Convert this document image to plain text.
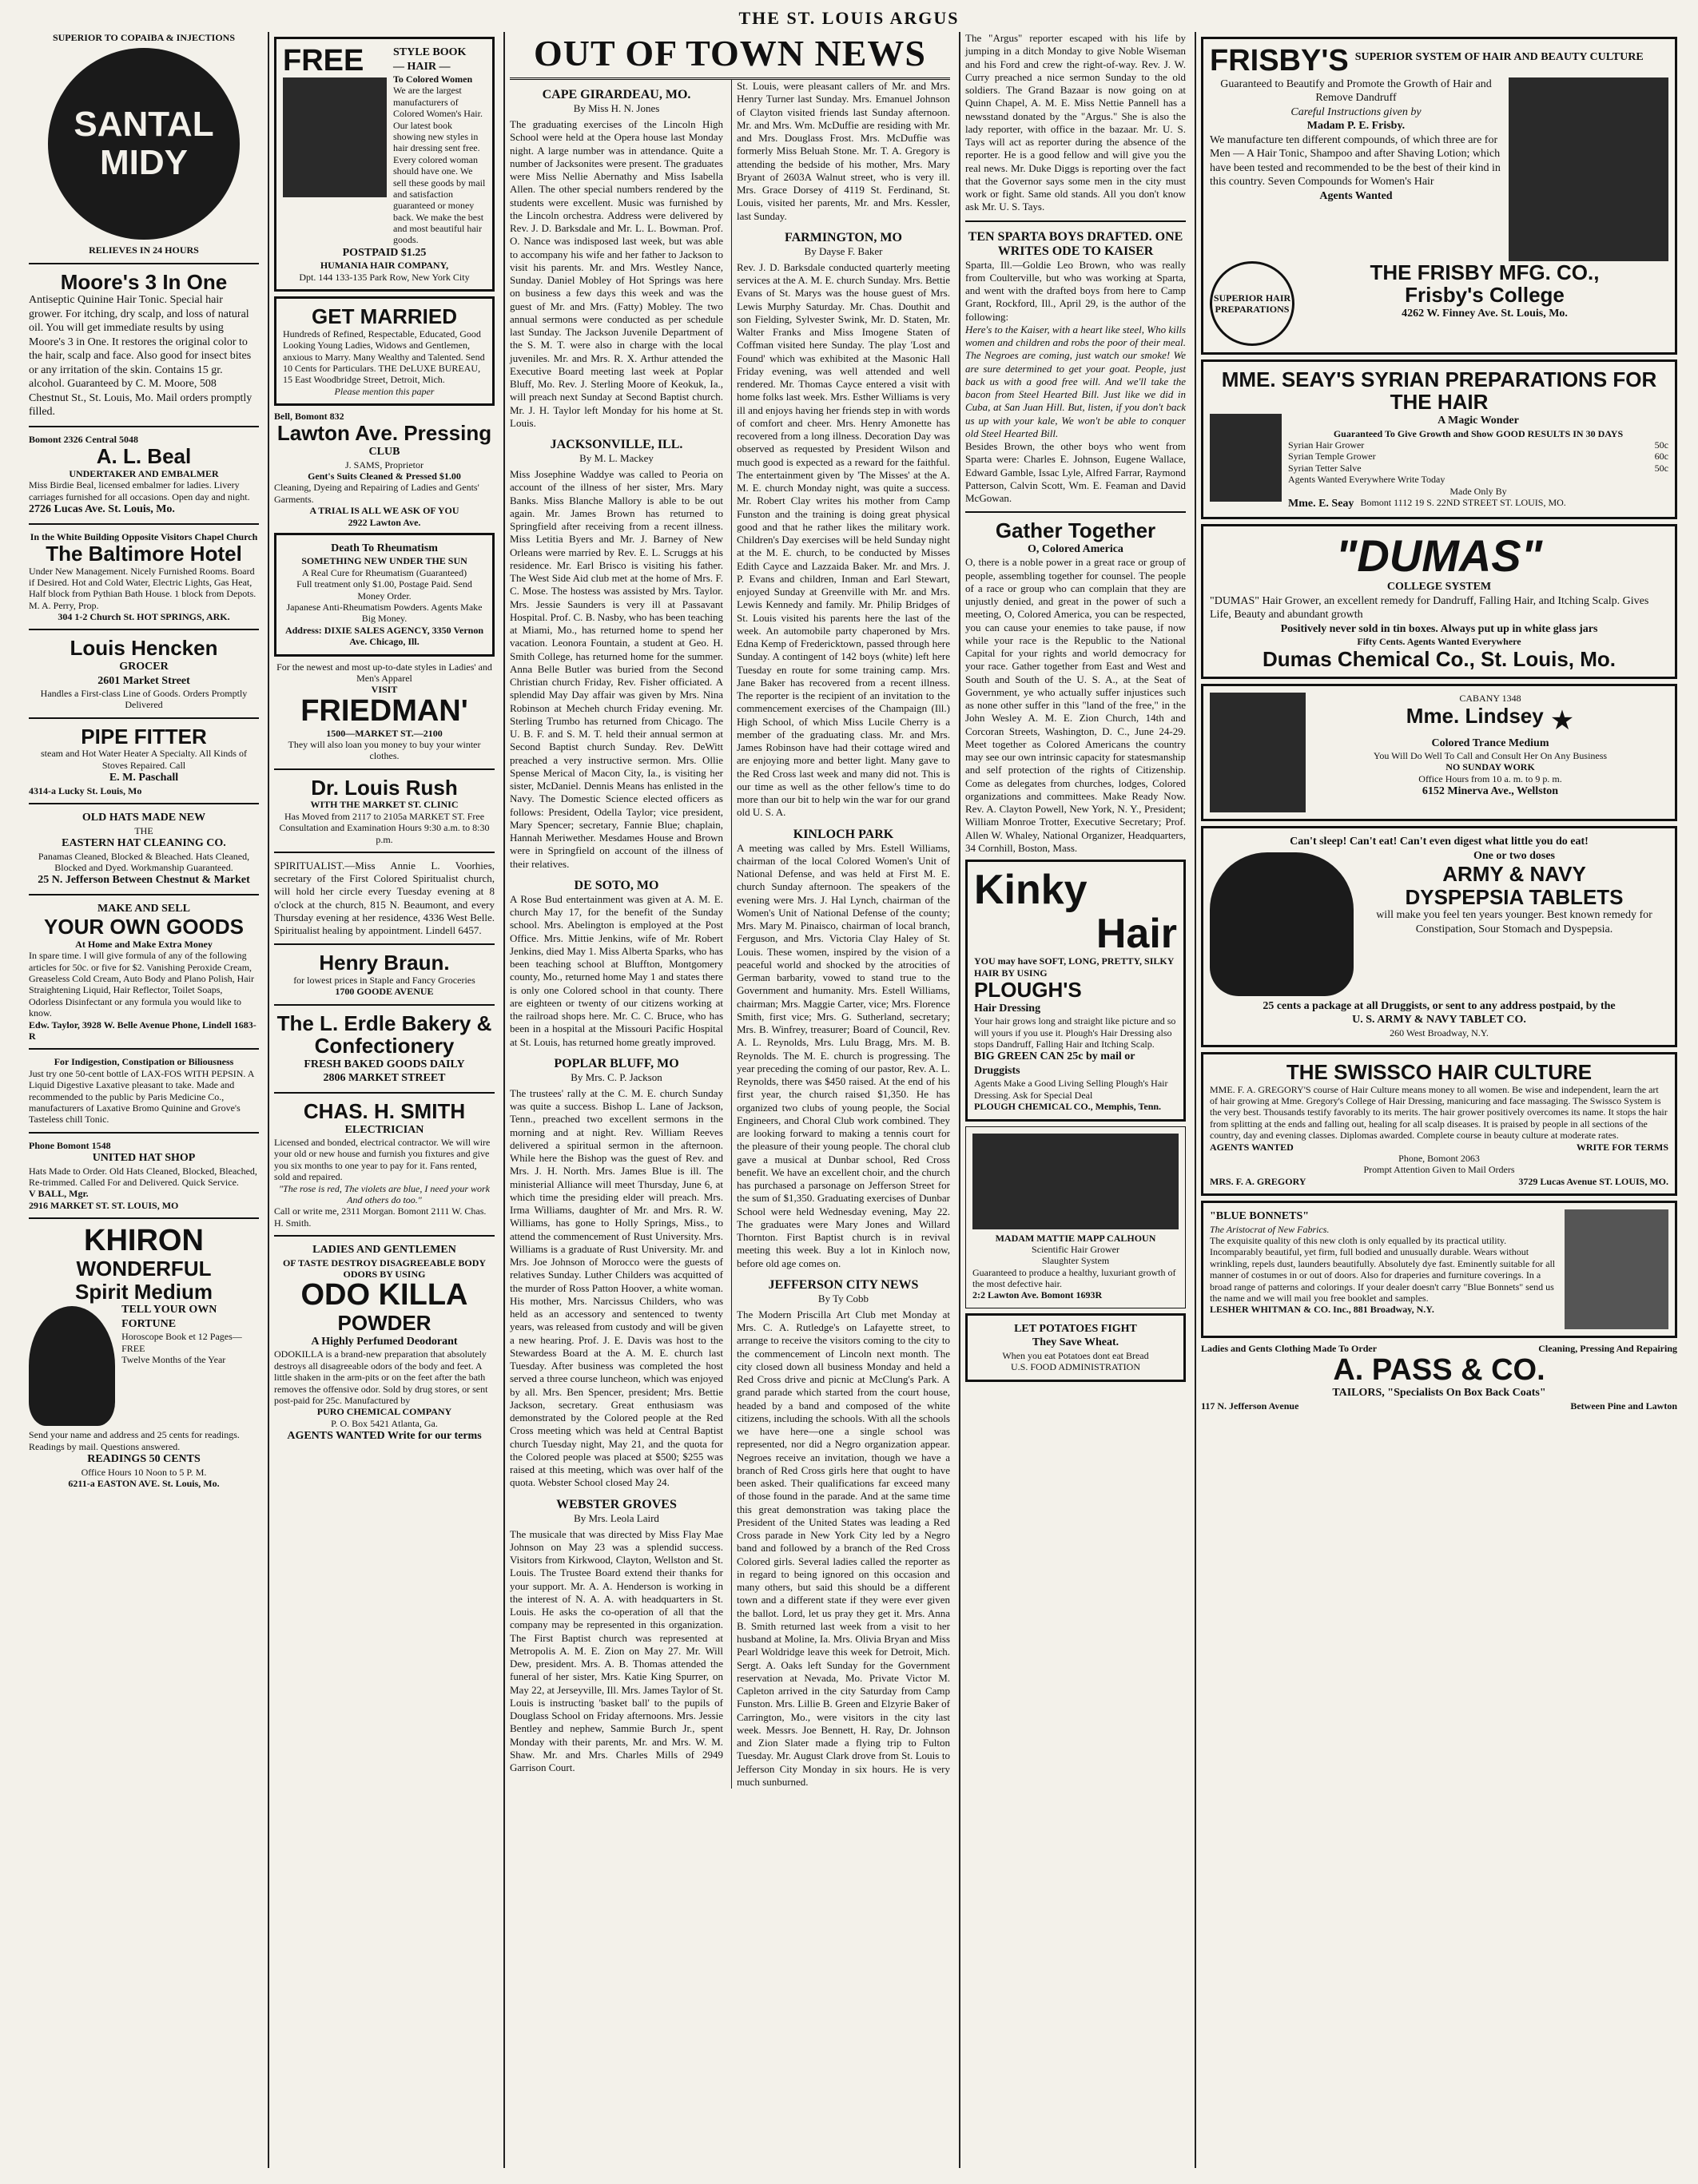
THE ST. LOUIS ARGUS
SUPERIOR TO COPAIBA & INJECTIONS
SANTAL
MIDY
RELIEVES IN 24 HOURS
Moore's 3 In One
Antiseptic Quinine Hair Tonic. Special hair grower. For itching, dry scalp, and loss of natural oil. You will get immediate results by using Moore's 3 in One. It restores the original color to the hair, scalp and face. Also good for insect bites or any irritation of the skin. Contains 15 gr. alcohol. Guaranteed by C. M. Moore, 508 Chestnut St., St. Louis, Mo. Mail orders promptly filled.
Bomont 2326 Central 5048
A. L. Beal
UNDERTAKER AND EMBALMER
Miss Birdie Beal, licensed embalmer for ladies. Livery carriages furnished for all occasions. Open day and night.
2726 Lucas Ave. St. Louis, Mo.
In the White Building Opposite Visitors Chapel Church
The Baltimore Hotel
Under New Management. Nicely Furnished Rooms. Board if Desired. Hot and Cold Water, Electric Lights, Gas Heat, Half block from Pythian Bath House. 1 block from Depots. M. A. Perry, Prop.
304 1-2 Church St. HOT SPRINGS, ARK.
Louis Hencken
GROCER
2601 Market Street
Handles a First-class Line of Goods. Orders Promptly Delivered
PIPE FITTER
steam and Hot Water Heater A Specialty. All Kinds of Stoves Repaired. Call
E. M. Paschall
4314-a Lucky St. Louis, Mo
OLD HATS MADE NEW
THE
EASTERN HAT CLEANING CO.
Panamas Cleaned, Blocked & Bleached. Hats Cleaned, Blocked and Dyed. Workmanship Guaranteed.
25 N. Jefferson Between Chestnut & Market
MAKE AND SELL
YOUR OWN GOODS
At Home and Make Extra Money
In spare time. I will give formula of any of the following articles for 50c. or five for $2. Vanishing Peroxide Cream, Greaseless Cold Cream, Auto Body and Plano Polish, Hair Straightening Liquid, Hair Reflector, Toilet Soaps, Odorless Disinfectant or any formula you would like to know.
Edw. Taylor, 3928 W. Belle Avenue Phone, Lindell 1683-R
For Indigestion, Constipation or Biliousness
Just try one 50-cent bottle of LAX-FOS WITH PEPSIN. A Liquid Digestive Laxative pleasant to take. Made and recommended to the public by Paris Medicine Co., manufacturers of Laxative Bromo Quinine and Grove's Tasteless chill Tonic.
Phone Bomont 1548
UNITED HAT SHOP
Hats Made to Order. Old Hats Cleaned, Blocked, Bleached, Re-trimmed. Called For and Delivered. Quick Service.
V BALL, Mgr.
2916 MARKET ST. ST. LOUIS, MO
KHIRON
WONDERFUL
Spirit Medium
TELL YOUR OWN FORTUNE
Horoscope Book et 12 Pages—FREE
Twelve Months of the Year
Send your name and address and 25 cents for readings. Readings by mail. Questions answered.
READINGS 50 CENTS
Office Hours 10 Noon to 5 P. M.
6211-a EASTON AVE. St. Louis, Mo.
FREE	STYLE BOOK
— HAIR —
To Colored Women
We are the largest manufacturers of Colored Women's Hair. Our latest book showing new styles in hair dressing sent free. Every colored woman should have one. We sell these goods by mail and satisfaction guaranteed or money back. We make the best and most beautiful hair goods.
POSTPAID $1.25
HUMANIA HAIR COMPANY,
Dpt. 144 133-135 Park Row, New York City
GET MARRIED
Hundreds of Refined, Respectable, Educated, Good Looking Young Ladies, Widows and Gentlemen, anxious to Marry. Many Wealthy and Talented. Send 10 Cents for Particulars. THE DeLUXE BUREAU, 15 East Woodbridge Street, Detroit, Mich.
Please mention this paper
Bell, Bomont 832
Lawton Ave. Pressing
CLUB
J. SAMS, Proprietor
Gent's Suits Cleaned & Pressed $1.00
Cleaning, Dyeing and Repairing of Ladies and Gents' Garments.
A TRIAL IS ALL WE ASK OF YOU
2922 Lawton Ave.
Death To Rheumatism
SOMETHING NEW UNDER THE SUN
A Real Cure for Rheumatism (Guaranteed)
Full treatment only $1.00, Postage Paid. Send Money Order.
Japanese Anti-Rheumatism Powders. Agents Make Big Money.
Address: DIXIE SALES AGENCY, 3350 Vernon Ave. Chicago, Ill.
For the newest and most up-to-date styles in Ladies' and Men's Apparel
VISIT
FRIEDMAN'
1500—MARKET ST.—2100
They will also loan you money to buy your winter clothes.
Dr. Louis Rush
WITH THE MARKET ST. CLINIC
Has Moved from 2117 to 2105a MARKET ST. Free Consultation and Examination Hours 9:30 a.m. to 8:30 p.m.
SPIRITUALIST.—Miss Annie L. Voorhies, secretary of the First Colored Spiritualist church, will hold her circle every Tuesday evening at 8 o'clock at the church, 815 N. Beaumont, and every Thursday evening at her residence, 4336 West Belle. Spiritualist healing by appointment. Lindell 6457.
Henry Braun.
for lowest prices in Staple and Fancy Groceries
1700 GOODE AVENUE
The L. Erdle Bakery & Confectionery
FRESH BAKED GOODS DAILY
2806 MARKET STREET
CHAS. H. SMITH
ELECTRICIAN
Licensed and bonded, electrical contractor. We will wire your old or new house and furnish you fixtures and give you six months to one year to pay for it. Fans rented, sold and repaired.
"The rose is red, The violets are blue, I need your work And others do too."
Call or write me, 2311 Morgan. Bomont 2111 W. Chas. H. Smith.
LADIES AND GENTLEMEN
OF TASTE DESTROY DISAGREEABLE BODY ODORS BY USING
ODO KILLA
POWDER
A Highly Perfumed Deodorant
ODOKILLA is a brand-new preparation that absolutely destroys all disagreeable odors of the body and feet. A little shaken in the arm-pits or on the feet after the bath removes the offensive odor. Sold by drug stores, or sent post-paid for 25c. Manufactured by
PURO CHEMICAL COMPANY
P. O. Box 5421 Atlanta, Ga.
AGENTS WANTED Write for our terms
OUT OF TOWN NEWS
CAPE GIRARDEAU, MO.
By Miss H. N. Jones
The graduating exercises of the Lincoln High School were held at the Opera house last Monday night. A large number was in attendance. Quite a number of Jacksonites were present. The graduates were Miss Nellie Abernathy and Miss Isabella Allen. The other special numbers rendered by the students were excellent. Music was furnished by the Lincoln orchestra. Address were delivered by Rev. J. D. Barksdale and Mr. L. L. Bowman. Prof. O. Nance was indisposed last week, but was able to accompany his wife and her father to Jackson to visit his parents. Mr. and Mrs. Westley Nance, Sunday. Daniel Mobley of Hot Springs was here on business a few days this week and was the guest of Mr. and Mrs. (Fatty) Mobley. The two annual sermons were conducted as per schedule last Sunday. The Jackson Juvenile Department of the S. M. T. were also in charge with the local juveniles. Mr. and Mrs. R. X. Arthur attended the Executive Board meeting last week at Poplar Bluff, Mo. Rev. J. Sterling Moore of Keokuk, Ia., will preach next Sunday at Second Baptist church. Mr. J. H. Taylor left Monday for his home at St. Louis.
JACKSONVILLE, ILL.
By M. L. Mackey
Miss Josephine Waddye was called to Peoria on account of the illness of her sister, Mrs. Mary Banks. Miss Blanche Mallory is able to be out again. Mr. James Brown has returned to Springfield after receiving from a recent illness. Miss Letitia Byers and Mr. J. Barney of New Orleans were married by Rev. E. L. Scruggs at his residence. Mr. Earl Brisco is visiting his father. The West Side Aid club met at the home of Mrs. F. C. Mose. The hostess was assisted by Mrs. Taylor. Mrs. Jessie Saunders is very ill at Passavant Hospital. Prof. C. B. Nasby, who has been teaching at Miami, Mo., has returned home to spend her vacation. Leonora Fountain, a student at Geo. H. Smith College, has returned home for the summer. Anna Belle Butler was buried from the Second Christian church Friday, Rev. Fisher officiated. A splendid May Day affair was given by Mrs. Nina Robinson at Mecheh church Friday evening. Mr. Sterling Trumbo has returned from Chicago. The U. B. F. and S. M. T. held their annual sermon at Second Baptist church Sunday. Rev. DeWitt preached a very instructive sermon. Mrs. Ollie Spense Merical of Macon City, Ia., is visiting her sister, McDaniel. Dennis Means has enlisted in the Navy. The Domestic Science elected officers as follows: President, Odella Taylor; vice president, Mary Spencer; secretary, Fannie Blue; chaplain, Hannah Meriwether. Mesdames House and Brown were in Springfield on account of the illness of their relatives.
DE SOTO, MO
A Rose Bud entertainment was given at A. M. E. church May 17, for the benefit of the Sunday school. Mrs. Abelington is employed at the Post Office. Mrs. Mittie Jenkins, wife of Mr. Robert Jenkins, died May 1. Miss Alberta Sparks, who has been teaching school at Bluffton, Montgomery county, Mo., returned home May 1 and states there is only one Colored school in that county. There are eighteen or twenty of our citizens working at the railroad shops here. Mr. C. C. Bruce, who has been in a hospital at the Missouri Pacific Hospital at St. Louis, has returned home greatly improved.
POPLAR BLUFF, MO
By Mrs. C. P. Jackson
The trustees' rally at the C. M. E. church Sunday was quite a success. Bishop L. Lane of Jackson, Tenn., preached two excellent sermons in the morning and at night. Rev. William Reeves delivered a spiritual sermon in the afternoon. While here the Bishop was the guest of Rev. and Mrs. J. H. North. Mrs. James Blue is ill. The ministerial Alliance will meet Thursday, June 6, at which time the presiding elder will preach. Mrs. Irma Williams, daughter of Mr. and Mrs. R. W. Williams, has gone to Holly Springs, Miss., to attend the commencement of Rust University. Mrs. Williams is a graduate of Rust University. Mr. and Mrs. Joe Johnson of Morocco were the guests of relatives Sunday. Luther Childers was acquitted of the murder of Ross Patton Hoover, a white woman. His mother, Mrs. Narcissus Childers, who was held as an accessory and sentenced to twenty years, was released from custody and will be given a new hearing. Prof. J. E. Davis was host to the Stewardess Board at the A. M. E. church last Tuesday. After business was completed the host served a three course luncheon, which was enjoyed by all. Mrs. Ben Spencer, president; Mrs. Bettie Jackson, secretary. Great enthusiasm was demonstrated by the Colored people at the Red Cross meeting which was held at Central Baptist church Tuesday night, May 21, and the quota for the Colored people was placed at $500; $255 was raised at this meeting, which was over half of the quota. Webster School closed May 24.
WEBSTER GROVES
By Mrs. Leola Laird
The musicale that was directed by Miss Flay Mae Johnson on May 23 was a splendid success. Visitors from Kirkwood, Clayton, Wellston and St. Louis. The Trustee Board extend their thanks for your support. Mr. A. A. Henderson is working in the interest of N. A. A. with headquarters in St. Louis. He asks the co-operation of all that the company may be represented in this organization. The First Baptist church was represented at Metropolis A. M. E. Zion on May 27. Mr. Will Dew, president. Mrs. A. B. Thomas attended the funeral of her sister, Mrs. Katie King Spurrer, on May 22, at Jerseyville, Ill. Mrs. James Taylor of St. Louis is instructing 'basket ball' to the pupils of Douglass School on Friday afternoons. Mrs. Jessie Bentley and nephew, Sammie Burch Jr., spent Monday with their parents, Mr. and Mrs. W. M. Shaw. Mr. and Mrs. Charles Mills of 2949 Garrison Court.
St. Louis, were pleasant callers of Mr. and Mrs. Henry Turner last Sunday. Mrs. Emanuel Johnson of Clayton visited friends last Sunday afternoon. Mr. and Mrs. Wm. McDuffie are residing with Mr. and Mrs. Douglass Frost. Mrs. McDuffie was formerly Miss Beluah Stone. Mr. T. A. Gregory is attending the bedside of his mother, Mrs. Mary Bryant of 2603A Walnut street, who is very ill. Mrs. Grace Dorsey of 4119 St. Ferdinand, St. Louis, visited her parents, Mr. and Mrs. Kessler, last Sunday.
FARMINGTON, MO
By Dayse F. Baker
Rev. J. D. Barksdale conducted quarterly meeting services at the A. M. E. church Sunday. Mrs. Bettie Evans of St. Marys was the house guest of Mrs. Lewis Murphy Saturday. Mr. Chas. Douthit and son Fielding, Sylvester Swink, Mr. D. Staten, Mr. Walter Franks and Miss Imogene Staten of Coffman visited here Sunday. The play 'Lost and Found' which was exhibited at the Masonic Hall Friday evening, was well attended and well rendered. Mr. Thomas Cayce entered a visit with home folks last week. Mrs. Esther Williams is very ill and enjoys having her friends step in with words of comfort and cheer. Mrs. Henry Amonette has recovered from a long illness. Decoration Day was observed as requested by President Wilson and much good is expected as a reward for the faithful. The entertainment given by 'The Misses' at the A. M. E. church Monday night, was quite a success. Mr. Robert Clay writes his mother from Camp Funston and the training is doing great physical good and that he rather likes the military work. Children's Day exercises will be held Sunday night at the M. E. church, to be conducted by Misses Edith Cayce and Lazzaida Baker. Mr. and Mrs. J. P. Evans and children, Inman and Earl Stewart, enjoyed Sunday at Greenville with Mr. and Mrs. Lewis Kennedy and family. Mr. Philip Bridges of St. Louis visited his parents here the last of the week. An automobile party chaperoned by Mrs. Edna Kemp of Fredericktown, passed through here Sunday. A contingent of 142 boys (white) left here Tuesday en route for some training camp. Mrs. Jane Baker has recovered from a recent illness. The reporter is the recipient of an invitation to the commencement exercises of the Champaign (Ill.) High School, of which Miss Lucile Cherry is a member of the graduating class. Mr. and Mrs. James Robinson have had their cottage wired and are enjoying more and better light. Many gave to the Red Cross last week and many did not. This is our time as well as the other fellow's time to do more than our bit to help win the war for our grand old U. S. A.
KINLOCH PARK
A meeting was called by Mrs. Estell Williams, chairman of the local Colored Women's Unit of National Defense, and was held at First M. E. church Sunday afternoon. The speakers of the evening were Mrs. J. Hal Lynch, chairman of the Women's Unit of National Defense of the county; Mrs. Mary M. Pinaisco, chairman of local branch, Ferguson, and Mrs. Victoria Clay Haley of St. Louis. These women, inspired by the vision of a peaceful world and shocked by the atrocities of German barbarity, vowed to stand true to the Government and humanity. Mrs. Estell Williams, chairman; Mrs. Maggie Carter, vice; Mrs. Florence Smith, first vice; Mrs. G. Sutherland, secretary; Mrs. B. Winfrey, treasurer; Board of Council, Rev. A. L. Reynolds, Mrs. Lulu Bragg, Mrs. M. B. Reynolds. The M. E. church is progressing. The year preceding the coming of our pastor, Rev. A. L. Reynolds, there was $450 raised. At the end of his first year, the church raised $1,350. He has organized two clubs of young people, the Social Engineers, and Choral Club work combined. They are looking forward to making a tennis court for the pleasure of their young people. The choral club gave a musical at Dunbar school, Red Cross benefit. We have an excellent choir, and the church has purchased a parsonage on Jefferson Street for the sum of $1,350. Graduating exercises of Dunbar School were held Wednesday evening, May 22. The graduates were Mary Jones and Willard Thornton. First Baptist church is in revival meeting this week. Buy a lot in Kinloch now, before old age comes on.
JEFFERSON CITY NEWS
By Ty Cobb
The Modern Priscilla Art Club met Monday at Mrs. C. A. Rutledge's on Lafayette street, to arrange to receive the visitors coming to the city to the commencement of Lincoln next month. The city closed down all business Monday and held a Red Cross drive and picnic at McClung's Park. A grand parade which started from the court house, headed by a band and composed of the white citizens, including the schools. With all the schools we have here—one a single school was represented, nor did a Negro organization appear. Negroes receive an invitation, though we have a branch of Red Cross girls here that ought to have been asked. Their qualifications far exceed many of those found in the parade. And at the same time this great demonstration was taking place the President of the United States was leading a Red Cross parade in New York City led by a Negro band and followed by a branch of the Red Cross Colored girls. Several ladies called the reporter as in regard to being ignored on this occasion and many others, but said this should be a different town and a different state if they were ever given the ballot. Lord, let us pray they get it. Mrs. Anna B. Smith returned last week from a visit to her husband at Moline, Ia. Mrs. Olivia Bryan and Miss Pearl Woldridge leave this week for Detroit, Mich. Sergt. A. Oaks left Sunday for the Government reservation at Nevada, Mo. Private Victor M. Capleton arrived in the city Saturday from Camp Funston. Mrs. Lillie B. Green and Elzyrie Baker of Carrington, Mo., were visitors in the city last week. Messrs. Joe Bennett, H. Ray, Dr. Johnson and Zion Slater made a flying trip to Fulton Tuesday. Mr. August Clark drove from St. Louis to Jefferson City Monday in six hours. He is very much sunburned.
The "Argus" reporter escaped with his life by jumping in a ditch Monday to give Noble Wiseman and his Ford and crew the right-of-way. Rev. J. W. Curry preached a nice sermon Sunday to the old soldiers. The Grand Bazaar is now going on at Quinn Chapel, A. M. E. Miss Nettie Pannell has a newsstand donated by the "Argus." She is also the lady reporter, with office in the bazaar. Mr. U. S. Tays will act as reporter during the absence of the reporter. He is a good fellow and will give you the real news. Mr. Duke Diggs is reporting over the fact that the Governor says some men in the city must work or fight. Same old stands. All you don't know ask Mr. U. S. Tays.
TEN SPARTA BOYS DRAFTED. ONE WRITES ODE TO KAISER
Sparta, Ill.—Goldie Leo Brown, who was really from Coulterville, but who was working at Sparta, and went with the drafted boys from here to Camp Grant, Rockford, Ill., April 29, is the author of the following:
Here's to the Kaiser, with a heart like steel, Who kills women and children and robs the poor of their meal. The Negroes are coming, just watch our smoke! We are sure determined to get your goat. People, just back us with a good free will. And we'll take the bacon from Steel Hearted Bill. Just like we did in Cuba, at San Juan Hill. But, listen, if you don't back us up with your kale, We won't be able to conquer old Steel Hearted Bill.
Besides Brown, the other boys who went from Sparta were: Charles E. Johnson, Eugene Wallace, Edward Gamble, Issac Lyle, Alfred Farrar, Raymond Patterson, Calvin Scott, Wm. E. Feaman and David McGowan.
Gather Together
O, Colored America
O, there is a noble power in a great race or group of people, assembling together for counsel. The people of a race or group who can complain that they are unjustly denied, and great in the power of such a meeting, O, Colored America, you can be respected, you can cause your enemies to take pause, if now while your race is the Republic to the National Capital for your rights and world democracy for your race. Gather together from East and West and South and South of the U. S. A., at the Seat of Government, ye who actually suffer injustices such as none other suffer in this "land of the free," in the John Wesley A. M. E. Zion Church, 14th and Corcoran Streets, Washington, D. C., June 24-29. Meet together as Colored Americans the country may see our own intrinsic capacity for statesmanship and self protection of the rights of Citizenship. Come as delegates from churches, lodges, Colored organizations and committees. Make Ready Now. Rev. A. Clayton Powell, New York, N. Y., President; William Monroe Trotter, Executive Secretary; Prof. Allen W. Whaley, National Organizer, Headquarters, 34 Cornhill, Boston, Mass.
Kinky
Hair
YOU may have SOFT, LONG, PRETTY, SILKY HAIR BY USING
PLOUGH'S
Hair Dressing
Your hair grows long and straight like picture and so will yours if you use it. Plough's Hair Dressing also stops Dandruff, Falling Hair and Itching Scalp.
BIG GREEN CAN 25c by mail or Druggists
Agents Make a Good Living Selling Plough's Hair Dressing. Ask for Special Deal
PLOUGH CHEMICAL CO., Memphis, Tenn.
MADAM MATTIE MAPP CALHOUN
Scientific Hair Grower
Slaughter System
Guaranteed to produce a healthy, luxuriant growth of the most defective hair.
2:2 Lawton Ave. Bomont 1693R
LET POTATOES FIGHT
They Save Wheat.
When you eat Potatoes dont eat Bread
U.S. FOOD ADMINISTRATION
FRISBY'S SUPERIOR SYSTEM OF HAIR AND BEAUTY CULTURE
Guaranteed to Beautify and Promote the Growth of Hair and Remove Dandruff
Careful Instructions given by
Madam P. E. Frisby.
We manufacture ten different compounds, of which three are for Men — A Hair Tonic, Shampoo and after Shaving Lotion; which have been tested and recommended to be the best of their kind in this country. Seven Compounds for Women's Hair
Agents Wanted
SUPERIOR HAIR PREPARATIONS
THE FRISBY MFG. CO.,
Frisby's College
4262 W. Finney Ave. St. Louis, Mo.
MME. SEAY'S SYRIAN PREPARATIONS FOR THE HAIR
A Magic Wonder
Guaranteed To Give Growth and Show GOOD RESULTS IN 30 DAYS
Syrian Hair Grower	50c
Syrian Temple Grower	60c
Syrian Tetter Salve	50c
Agents Wanted Everywhere Write Today
Made Only By
Mme. E. Seay Bomont 1112 19 S. 22ND STREET ST. LOUIS, MO.
"DUMAS"
COLLEGE SYSTEM
"DUMAS" Hair Grower, an excellent remedy for Dandruff, Falling Hair, and Itching Scalp. Gives Life, Beauty and abundant growth
Positively never sold in tin boxes. Always put up in white glass jars
Fifty Cents. Agents Wanted Everywhere
Dumas Chemical Co., St. Louis, Mo.
CABANY 1348
Mme. Lindsey ★
Colored Trance Medium
You Will Do Well To Call and Consult Her On Any Business
NO SUNDAY WORK
Office Hours from 10 a. m. to 9 p. m.
6152 Minerva Ave., Wellston
Can't sleep! Can't eat! Can't even digest what little you do eat!
One or two doses
ARMY & NAVY
DYSPEPSIA TABLETS
will make you feel ten years younger. Best known remedy for Constipation, Sour Stomach and Dyspepsia.
25 cents a package at all Druggists, or sent to any address postpaid, by the
U. S. ARMY & NAVY TABLET CO.
260 West Broadway, N.Y.
THE SWISSCO HAIR CULTURE
MME. F. A. GREGORY'S course of Hair Culture means money to all women. Be wise and independent, learn the art of hair growing at Mme. Gregory's College of Hair Dressing, manicuring and face massaging. The Swissco System is the very best. Thousands testify favorably to its merits. The hair grower positively overcomes its name. It stops the hair from splitting at the ends and falling out, healing for all scalp diseases. It is praised by people in all sections of the country, day and evening classes. Diplomas awarded. Complete course in beauty culture at moderate rates.
AGENTS WANTED	WRITE FOR TERMS
Phone, Bomont 2063
Prompt Attention Given to Mail Orders
MRS. F. A. GREGORY	3729 Lucas Avenue ST. LOUIS, MO.
"BLUE BONNETS"
The Aristocrat of New Fabrics.
The exquisite quality of this new cloth is only equalled by its practical utility. Incomparably beautiful, yet firm, full bodied and unusually durable. Wears without wrinkling, repels dust, launders beautifully. Absolutely dye fast. Eminently suitable for all manner of costumes in or out of doors. Also for draperies and furniture coverings. In a broad range of patterns and colorings. If your dealer doesn't carry "Blue Bonnets" send us the name and we will mail you free booklet and samples.
LESHER WHITMAN & CO. Inc., 881 Broadway, N.Y.
Ladies and Gents Clothing Made To Order	Cleaning, Pressing And Repairing
A. PASS & CO.
TAILORS, "Specialists On Box Back Coats"
117 N. Jefferson Avenue	Between Pine and Lawton
